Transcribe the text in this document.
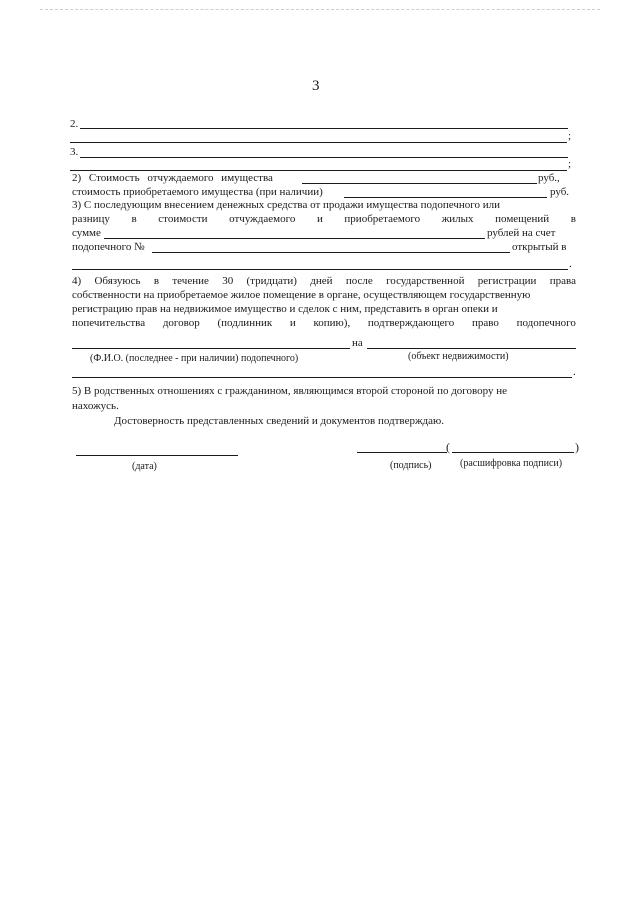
3
2.
;
3.
;
2) Стоимость отчуждаемого имущества	руб.,
стоимость приобретаемого имущества (при наличии)	руб.
3) С последующим внесением денежных средства от продажи имущества подопечного или
разницу в стоимости отчуждаемого и приобретаемого жилых помещений в
сумме	рублей на счет
подопечного №	открытый в
.
4) Обязуюсь в течение 30 (тридцати) дней после государственной регистрации права
собственности на приобретаемое жилое помещение в органе, осуществляющем государственную
регистрацию прав на недвижимое имущество и сделок с ним, представить в орган опеки и
попечительства договор (подлинник и копию), подтверждающего право подопечного
на
(Ф.И.О. (последнее - при наличии) подопечного)	(объект недвижимости)
.
5) В родственных отношениях с гражданином, являющимся второй стороной по договору не
нахожусь.
Достоверность представленных сведений и документов подтверждаю.
(дата)
(	)
(подпись)	(расшифровка подписи)
